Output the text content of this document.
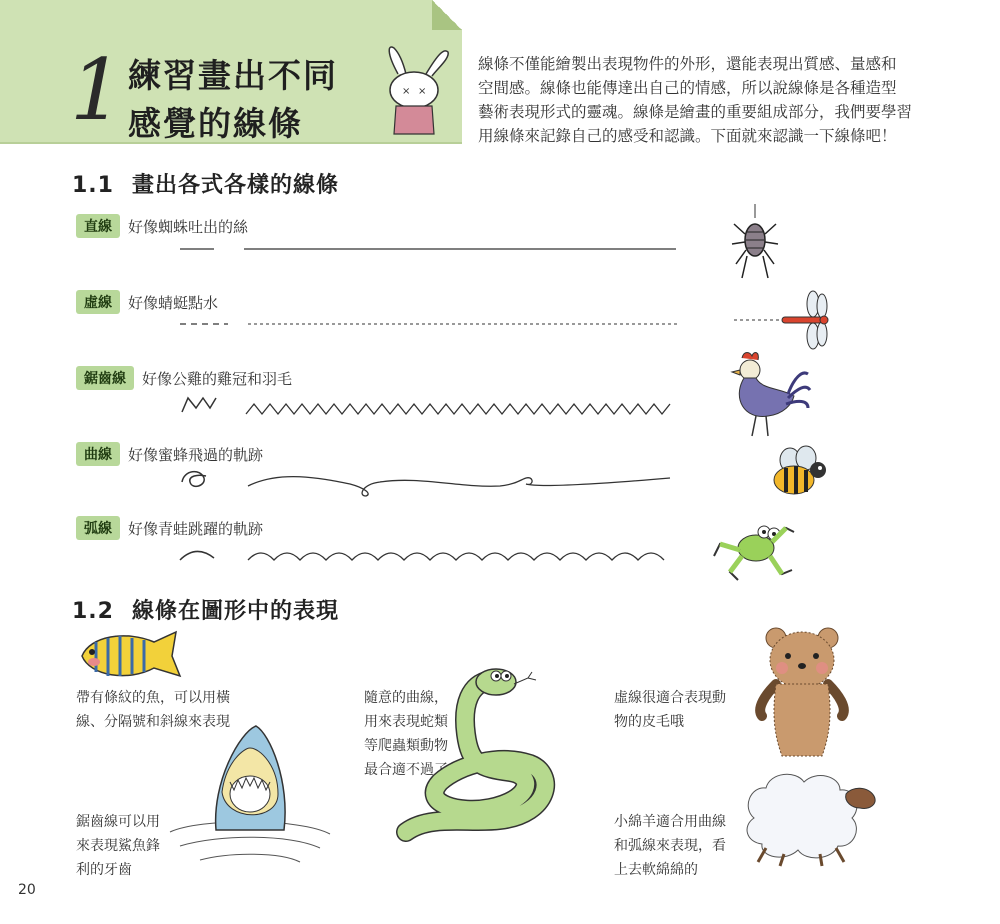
1 練習畫出不同
感覺的線條
× ×
線條不僅能繪製出表現物件的外形，還能表現出質感、量感和
空間感。線條也能傳達出自己的情感，所以說線條是各種造型
藝術表現形式的靈魂。線條是繪畫的重要組成部分，我們要學習
用線條來記錄自己的感受和認識。下面就來認識一下線條吧！
1.1 畫出各式各樣的線條
直線	好像蜘蛛吐出的絲
虛線	好像蜻蜓點水
鋸齒線	好像公雞的雞冠和羽毛
曲線	好像蜜蜂飛過的軌跡
弧線	好像青蛙跳躍的軌跡
1.2 線條在圖形中的表現
帶有條紋的魚，可以用橫
線、分隔號和斜線來表現
鋸齒線可以用
來表現鯊魚鋒
利的牙齒
隨意的曲線，
用來表現蛇類
等爬蟲類動物
最合適不過了
虛線很適合表現動
物的皮毛哦
小綿羊適合用曲線
和弧線來表現，看
上去軟綿綿的
20
